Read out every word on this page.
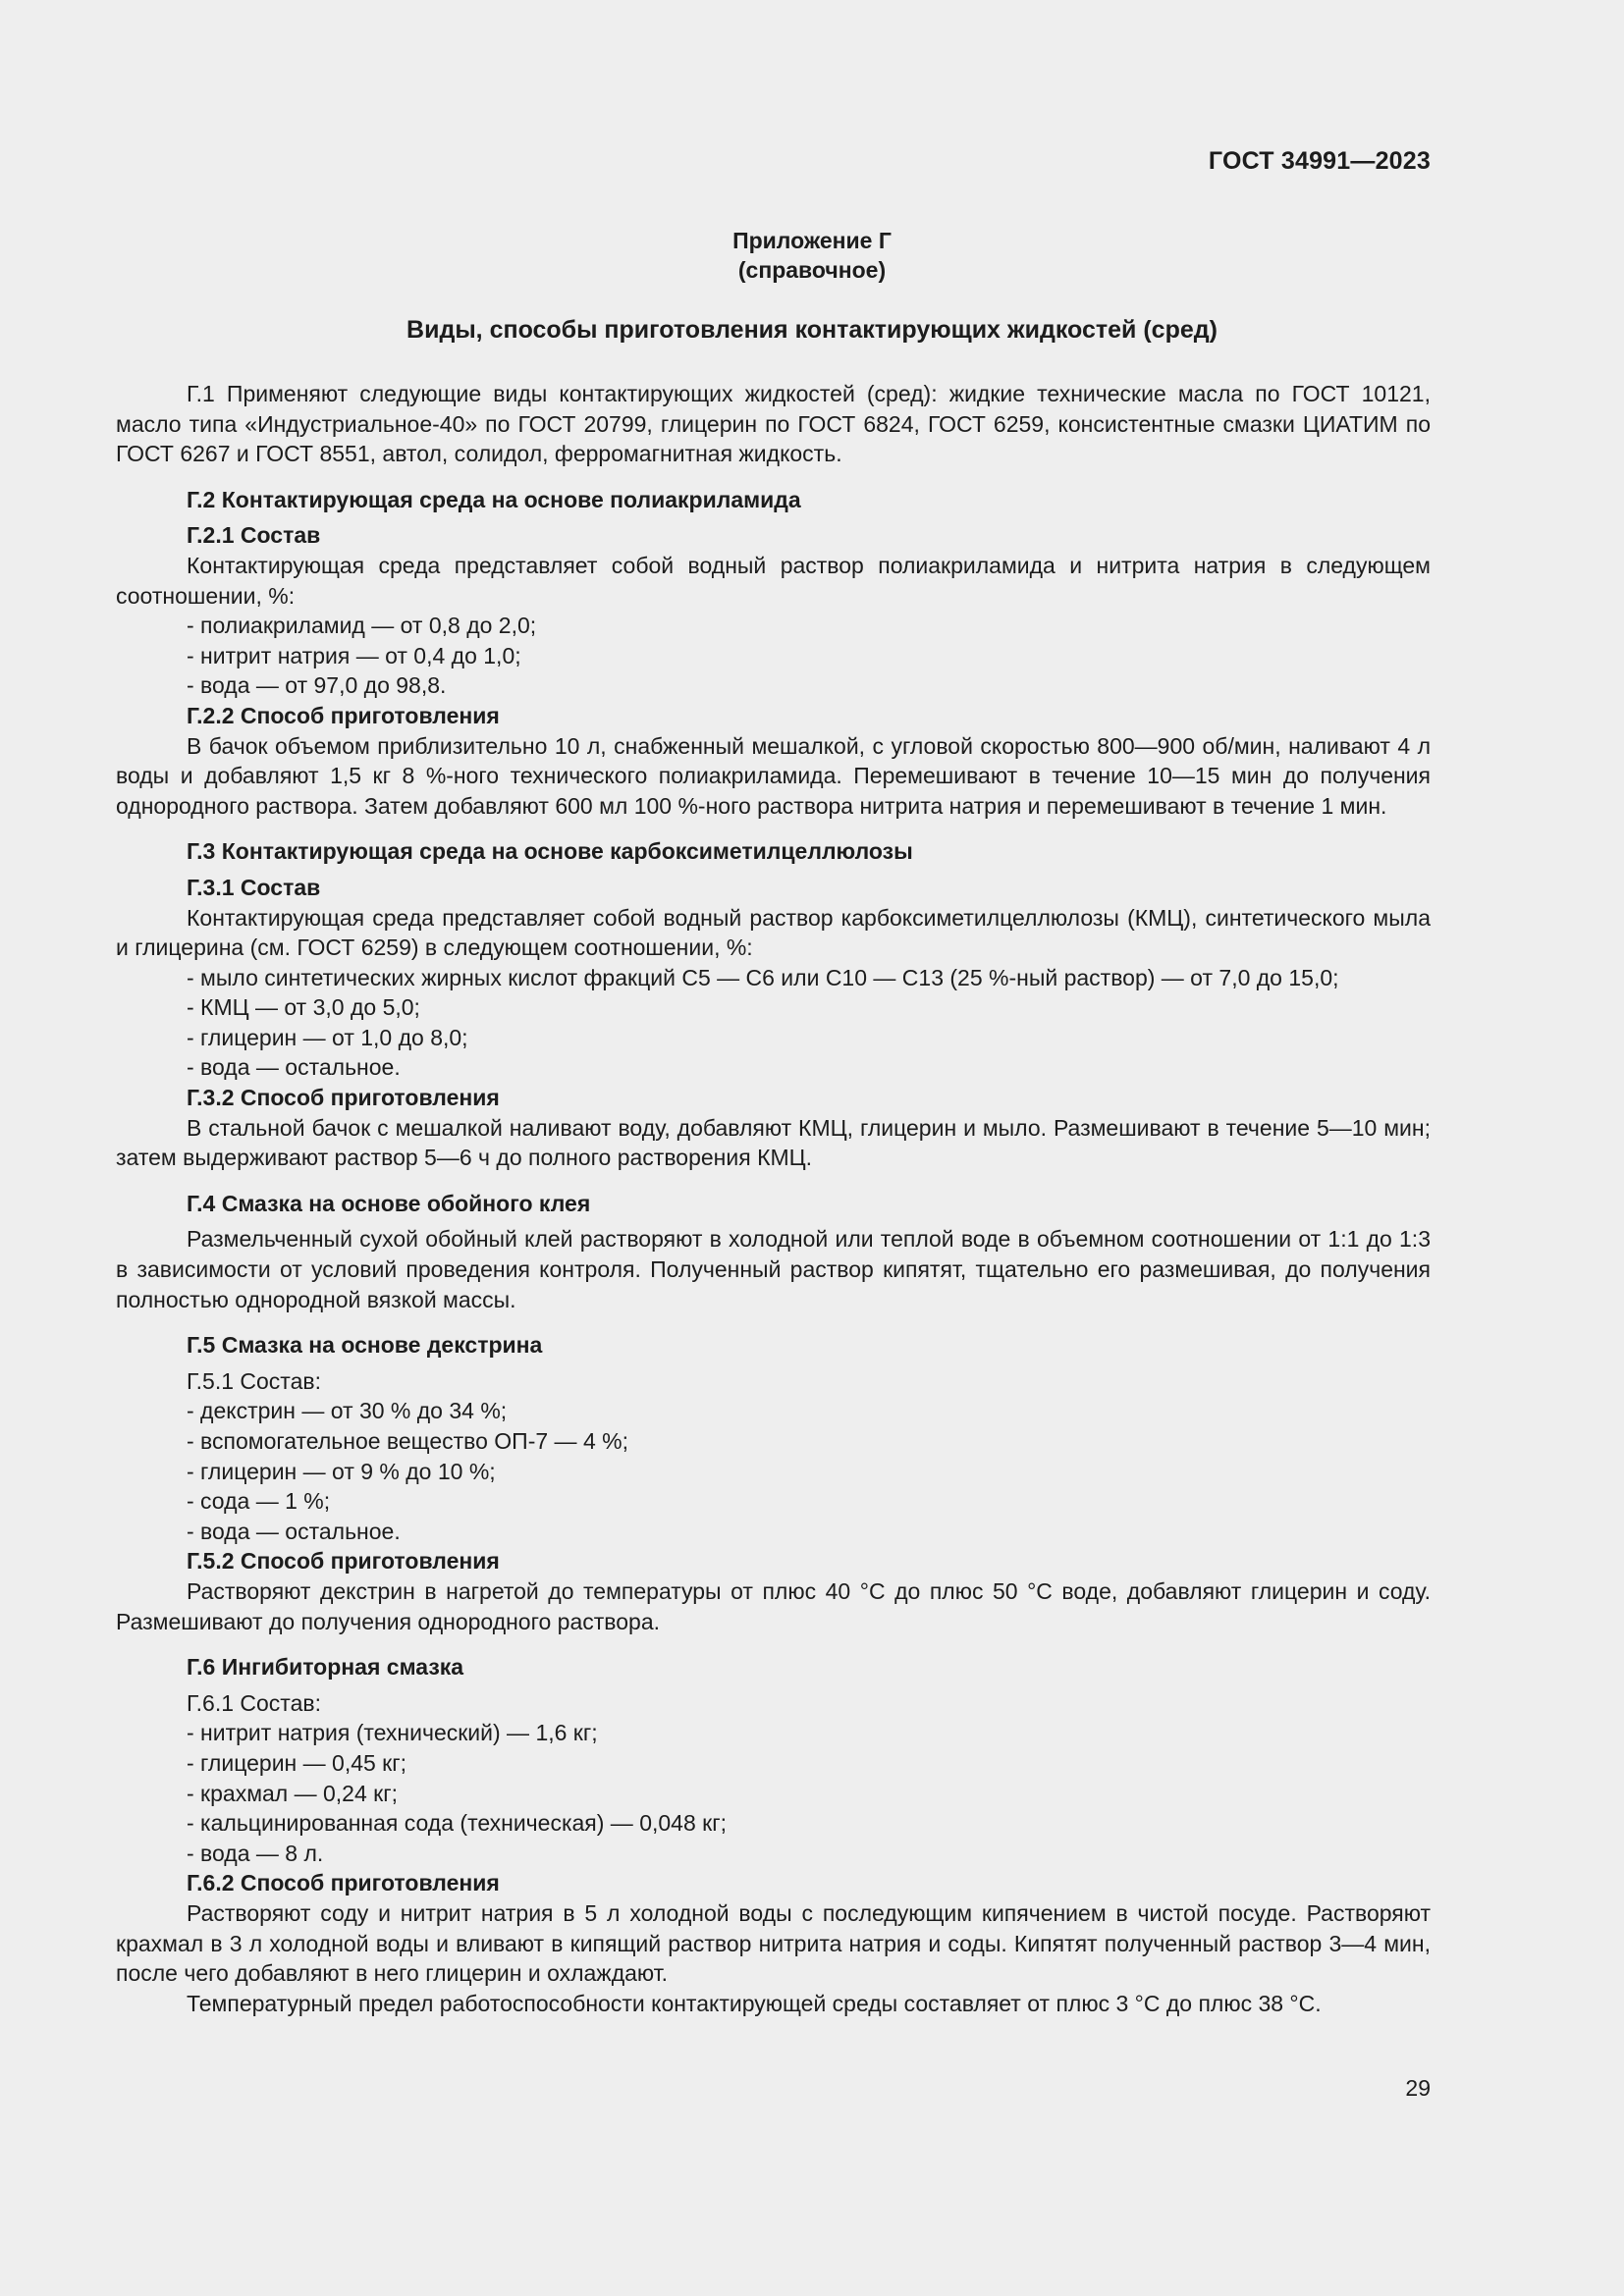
ГОСТ 34991—2023
Приложение Г
(справочное)
Виды, способы приготовления контактирующих жидкостей (сред)

Г.1 Применяют следующие виды контактирующих жидкостей (сред): жидкие технические масла по ГОСТ 10121, масло типа «Индустриальное-40» по ГОСТ 20799, глицерин по ГОСТ 6824, ГОСТ 6259, консистентные смазки ЦИАТИМ по ГОСТ 6267 и ГОСТ 8551, автол, солидол, ферромагнитная жидкость.

Г.2 Контактирующая среда на основе полиакриламида

Г.2.1 Состав

Контактирующая среда представляет собой водный раствор полиакриламида и нитрита натрия в следующем соотношении, %:

- полиакриламид — от 0,8 до 2,0;

- нитрит натрия — от 0,4 до 1,0;

- вода — от 97,0 до 98,8.

Г.2.2 Способ приготовления

В бачок объемом приблизительно 10 л, снабженный мешалкой, с угловой скоростью 800—900 об/мин, наливают 4 л воды и добавляют 1,5 кг 8 %-ного технического полиакриламида. Перемешивают в течение 10—15 мин до получения однородного раствора. Затем добавляют 600 мл 100 %-ного раствора нитрита натрия и перемешивают в течение 1 мин.

Г.3 Контактирующая среда на основе карбоксиметилцеллюлозы

Г.3.1 Состав

Контактирующая среда представляет собой водный раствор карбоксиметилцеллюлозы (КМЦ), синтетического мыла и глицерина (см. ГОСТ 6259) в следующем соотношении, %:

- мыло синтетических жирных кислот фракций С5 — С6 или С10 — С13 (25 %-ный раствор) — от 7,0 до 15,0;

- КМЦ — от 3,0 до 5,0;

- глицерин — от 1,0 до 8,0;

- вода — остальное.

Г.3.2 Способ приготовления

В стальной бачок с мешалкой наливают воду, добавляют КМЦ, глицерин и мыло. Размешивают в течение 5—10 мин; затем выдерживают раствор 5—6 ч до полного растворения КМЦ.

Г.4 Смазка на основе обойного клея

Размельченный сухой обойный клей растворяют в холодной или теплой воде в объемном соотношении от 1:1 до 1:3 в зависимости от условий проведения контроля. Полученный раствор кипятят, тщательно его размешивая, до получения полностью однородной вязкой массы.

Г.5 Смазка на основе декстрина

Г.5.1 Состав:

- декстрин — от 30 % до 34 %;

- вспомогательное вещество ОП-7 — 4 %;

- глицерин — от 9 % до 10 %;

- сода — 1 %;

- вода — остальное.

Г.5.2 Способ приготовления

Растворяют декстрин в нагретой до температуры от плюс 40 °С до плюс 50 °С воде, добавляют глицерин и соду. Размешивают до получения однородного раствора.

Г.6 Ингибиторная смазка

Г.6.1 Состав:

- нитрит натрия (технический) — 1,6 кг;

- глицерин — 0,45 кг;

- крахмал — 0,24 кг;

- кальцинированная сода (техническая) — 0,048 кг;

- вода — 8 л.

Г.6.2 Способ приготовления

Растворяют соду и нитрит натрия в 5 л холодной воды с последующим кипячением в чистой посуде. Растворяют крахмал в 3 л холодной воды и вливают в кипящий раствор нитрита натрия и соды. Кипятят полученный раствор 3—4 мин, после чего добавляют в него глицерин и охлаждают.

Температурный предел работоспособности контактирующей среды составляет от плюс 3 °С до плюс 38 °С.

29
